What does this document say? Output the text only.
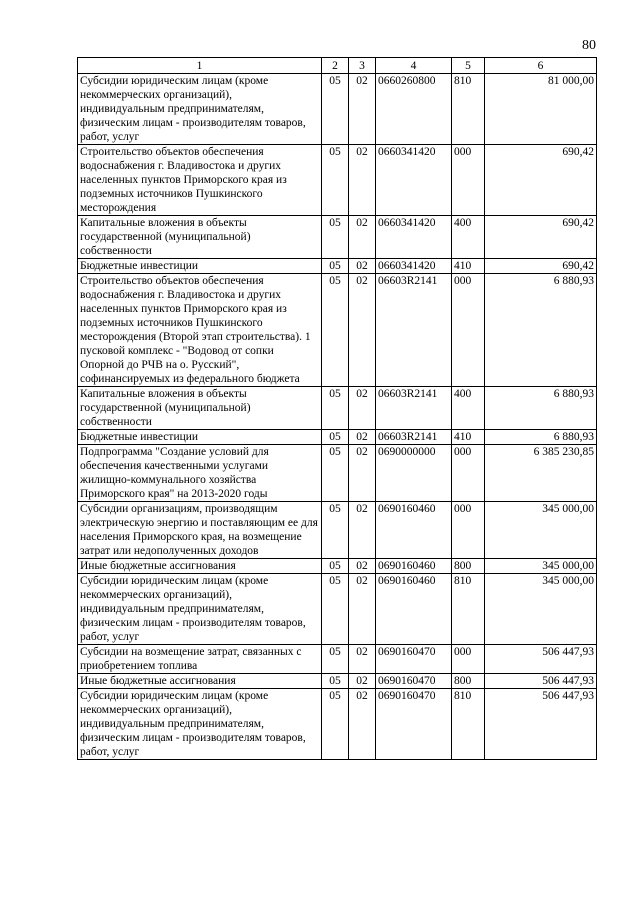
80
1	2	3	4	5	6
Субсидии юридическим лицам (кроме некоммерческих организаций), индивидуальным предпринимателям, физическим лицам - производителям товаров, работ, услуг	05	02	0660260800	810	81 000,00
Строительство объектов обеспечения водоснабжения г. Владивостока и других населенных пунктов Приморского края из подземных источников Пушкинского месторождения	05	02	0660341420	000	690,42
Капитальные вложения в объекты государственной (муниципальной) собственности	05	02	0660341420	400	690,42
Бюджетные инвестиции	05	02	0660341420	410	690,42
Строительство объектов обеспечения водоснабжения г. Владивостока и других населенных пунктов Приморского края из подземных источников Пушкинского месторождения (Второй этап строительства). 1 пусковой комплекс - "Водовод от сопки Опорной до РЧВ на о. Русский", софинансируемых из федерального бюджета	05	02	06603R2141	000	6 880,93
Капитальные вложения в объекты государственной (муниципальной) собственности	05	02	06603R2141	400	6 880,93
Бюджетные инвестиции	05	02	06603R2141	410	6 880,93
Подпрограмма "Создание условий для обеспечения качественными услугами жилищно-коммунального хозяйства Приморского края" на 2013-2020 годы	05	02	0690000000	000	6 385 230,85
Субсидии организациям, производящим электрическую энергию и поставляющим ее для населения Приморского края, на возмещение затрат или недополученных доходов	05	02	0690160460	000	345 000,00
Иные бюджетные ассигнования	05	02	0690160460	800	345 000,00
Субсидии юридическим лицам (кроме некоммерческих организаций), индивидуальным предпринимателям, физическим лицам - производителям товаров, работ, услуг	05	02	0690160460	810	345 000,00
Субсидии на возмещение затрат, связанных с приобретением топлива	05	02	0690160470	000	506 447,93
Иные бюджетные ассигнования	05	02	0690160470	800	506 447,93
Субсидии юридическим лицам (кроме некоммерческих организаций), индивидуальным предпринимателям, физическим лицам - производителям товаров, работ, услуг	05	02	0690160470	810	506 447,93
